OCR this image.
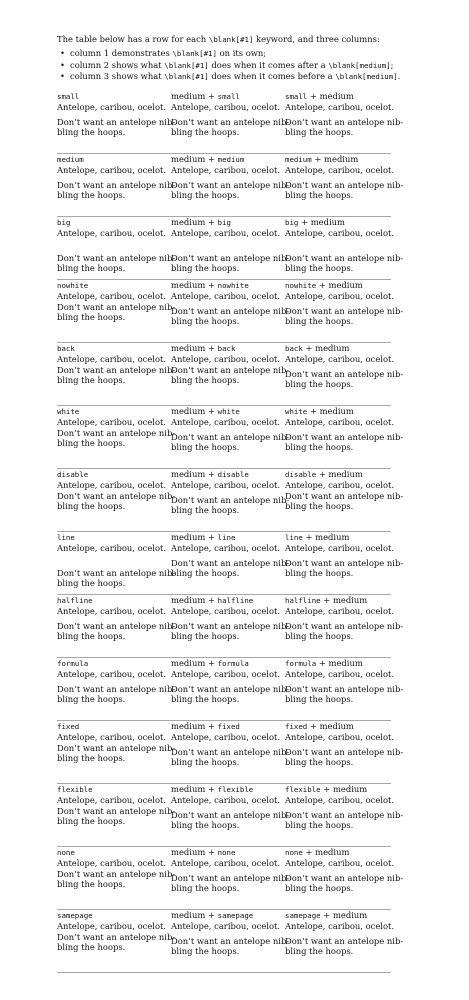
The table below has a row for each \blank[#1] keyword, and three columns:

• column 1 demonstrates \blank[#1] on its own;
• column 2 shows what \blank[#1] does when it comes after a \blank[medium];
• column 3 shows what \blank[#1] does when it comes before a \blank[medium].
small
Antelope, caribou, ocelot.
Don’t want an antelope nib-
bling the hoops.
medium + small
Antelope, caribou, ocelot.
Don’t want an antelope nib-
bling the hoops.
small + medium
Antelope, caribou, ocelot.
Don’t want an antelope nib-
bling the hoops.
medium
Antelope, caribou, ocelot.
Don’t want an antelope nib-
bling the hoops.
medium + medium
Antelope, caribou, ocelot.
Don’t want an antelope nib-
bling the hoops.
medium + medium
Antelope, caribou, ocelot.
Don’t want an antelope nib-
bling the hoops.
big
Antelope, caribou, ocelot.
Don’t want an antelope nib-
bling the hoops.
medium + big
Antelope, caribou, ocelot.
Don’t want an antelope nib-
bling the hoops.
big + medium
Antelope, caribou, ocelot.
Don’t want an antelope nib-
bling the hoops.
nowhite
Antelope, caribou, ocelot.
Don’t want an antelope nib-
bling the hoops.
medium + nowhite
Antelope, caribou, ocelot.
Don’t want an antelope nib-
bling the hoops.
nowhite + medium
Antelope, caribou, ocelot.
Don’t want an antelope nib-
bling the hoops.
back
Antelope, caribou, ocelot.
Don’t want an antelope nib-
bling the hoops.
medium + back
Antelope, caribou, ocelot.
Don’t want an antelope nib-
bling the hoops.
back + medium
Antelope, caribou, ocelot.
Don’t want an antelope nib-
bling the hoops.
white
Antelope, caribou, ocelot.
Don’t want an antelope nib-
bling the hoops.
medium + white
Antelope, caribou, ocelot.
Don’t want an antelope nib-
bling the hoops.
white + medium
Antelope, caribou, ocelot.
Don’t want an antelope nib-
bling the hoops.
disable
Antelope, caribou, ocelot.
Don’t want an antelope nib-
bling the hoops.
medium + disable
Antelope, caribou, ocelot.
Don’t want an antelope nib-
bling the hoops.
disable + medium
Antelope, caribou, ocelot.
Don’t want an antelope nib-
bling the hoops.
line
Antelope, caribou, ocelot.
Don’t want an antelope nib-
bling the hoops.
medium + line
Antelope, caribou, ocelot.
Don’t want an antelope nib-
bling the hoops.
line + medium
Antelope, caribou, ocelot.
Don’t want an antelope nib-
bling the hoops.
halfline
Antelope, caribou, ocelot.
Don’t want an antelope nib-
bling the hoops.
medium + halfline
Antelope, caribou, ocelot.
Don’t want an antelope nib-
bling the hoops.
halfline + medium
Antelope, caribou, ocelot.
Don’t want an antelope nib-
bling the hoops.
formula
Antelope, caribou, ocelot.
Don’t want an antelope nib-
bling the hoops.
medium + formula
Antelope, caribou, ocelot.
Don’t want an antelope nib-
bling the hoops.
formula + medium
Antelope, caribou, ocelot.
Don’t want an antelope nib-
bling the hoops.
fixed
Antelope, caribou, ocelot.
Don’t want an antelope nib-
bling the hoops.
medium + fixed
Antelope, caribou, ocelot.
Don’t want an antelope nib-
bling the hoops.
fixed + medium
Antelope, caribou, ocelot.
Don’t want an antelope nib-
bling the hoops.
flexible
Antelope, caribou, ocelot.
Don’t want an antelope nib-
bling the hoops.
medium + flexible
Antelope, caribou, ocelot.
Don’t want an antelope nib-
bling the hoops.
flexible + medium
Antelope, caribou, ocelot.
Don’t want an antelope nib-
bling the hoops.
none
Antelope, caribou, ocelot.
Don’t want an antelope nib-
bling the hoops.
medium + none
Antelope, caribou, ocelot.
Don’t want an antelope nib-
bling the hoops.
none + medium
Antelope, caribou, ocelot.
Don’t want an antelope nib-
bling the hoops.
samepage
Antelope, caribou, ocelot.
Don’t want an antelope nib-
bling the hoops.
medium + samepage
Antelope, caribou, ocelot.
Don’t want an antelope nib-
bling the hoops.
samepage + medium
Antelope, caribou, ocelot.
Don’t want an antelope nib-
bling the hoops.
